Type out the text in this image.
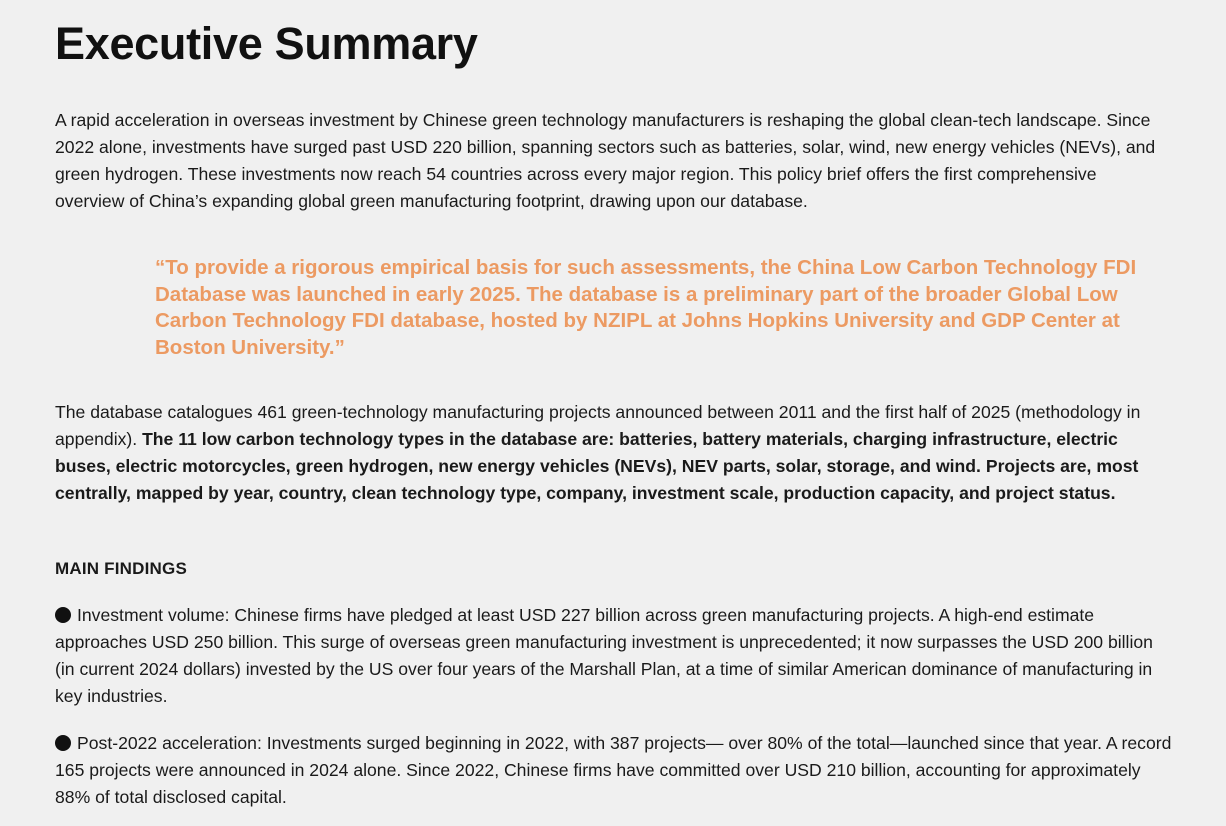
Executive Summary

A rapid acceleration in overseas investment by Chinese green technology manufacturers is reshaping the global clean-tech landscape. Since 2022 alone, investments have surged past USD 220 billion, spanning sectors such as batteries, solar, wind, new energy vehicles (NEVs), and green hydrogen. These investments now reach 54 countries across every major region. This policy brief offers the first comprehensive overview of China’s expanding global green manufacturing footprint, drawing upon our database.

“To provide a rigorous empirical basis for such assessments, the China Low Carbon Technology FDI Database was launched in early 2025. The database is a preliminary part of the broader Global Low Carbon Technology FDI database, hosted by NZIPL at Johns Hopkins University and GDP Center at Boston University.”

The database catalogues 461 green-technology manufacturing projects announced between 2011 and the first half of 2025 (methodology in appendix). The 11 low carbon technology types in the database are: batteries, battery materials, charging infrastructure, electric buses, electric motorcycles, green hydrogen, new energy vehicles (NEVs), NEV parts, solar, storage, and wind. Projects are, most centrally, mapped by year, country, clean technology type, company, investment scale, production capacity, and project status.

MAIN FINDINGS

Investment volume: Chinese firms have pledged at least USD 227 billion across green manufacturing projects. A high-end estimate approaches USD 250 billion. This surge of overseas green manufacturing investment is unprecedented; it now surpasses the USD 200 billion (in current 2024 dollars) invested by the US over four years of the Marshall Plan, at a time of similar American dominance of manufacturing in key industries.

Post-2022 acceleration: Investments surged beginning in 2022, with 387 projects— over 80% of the total—launched since that year. A record 165 projects were announced in 2024 alone. Since 2022, Chinese firms have committed over USD 210 billion, accounting for approximately 88% of total disclosed capital.
